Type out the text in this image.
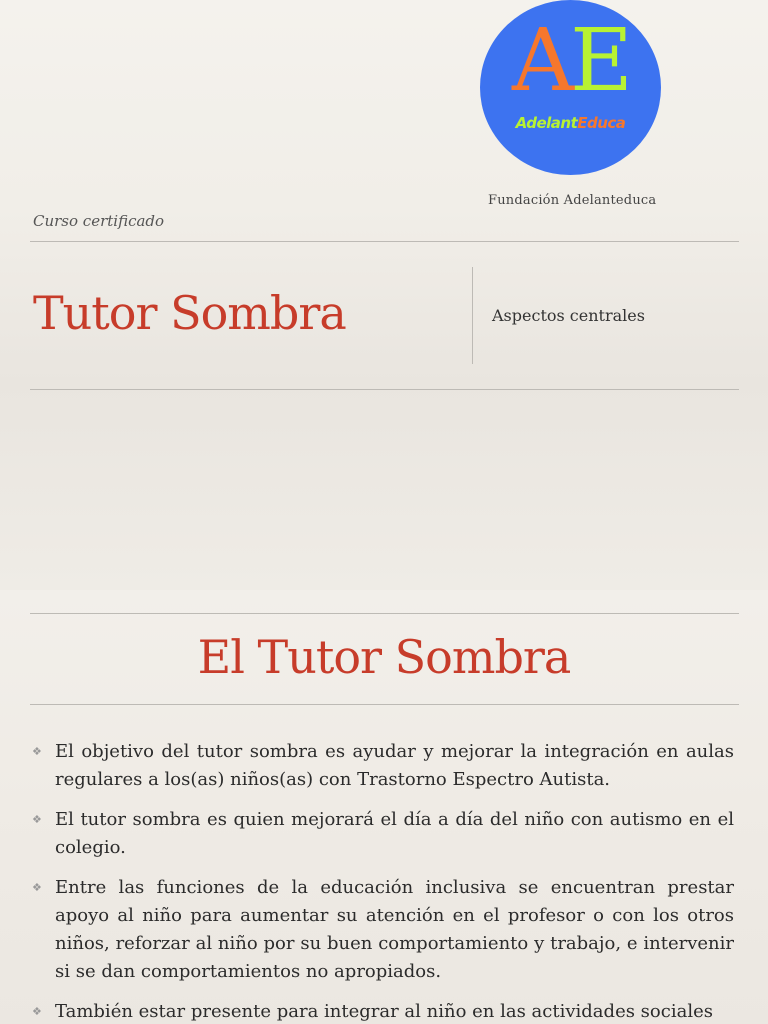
AE
AdelantEduca
Fundación Adelanteduca
Curso certificado
Tutor Sombra	Aspectos centrales
El Tutor Sombra
❖ El objetivo del tutor sombra es ayudar y mejorar la integración en aulas regulares a los(as) niños(as) con Trastorno Espectro Autista.
❖ El tutor sombra es quien mejorará el día a día del niño con autismo en el colegio.
❖ Entre las funciones de la educación inclusiva se encuentran prestar apoyo al niño para aumentar su atención en el profesor o con los otros niños, reforzar al niño por su buen comportamiento y trabajo, e intervenir si se dan comportamientos no apropiados.
❖ También estar presente para integrar al niño en las actividades sociales
